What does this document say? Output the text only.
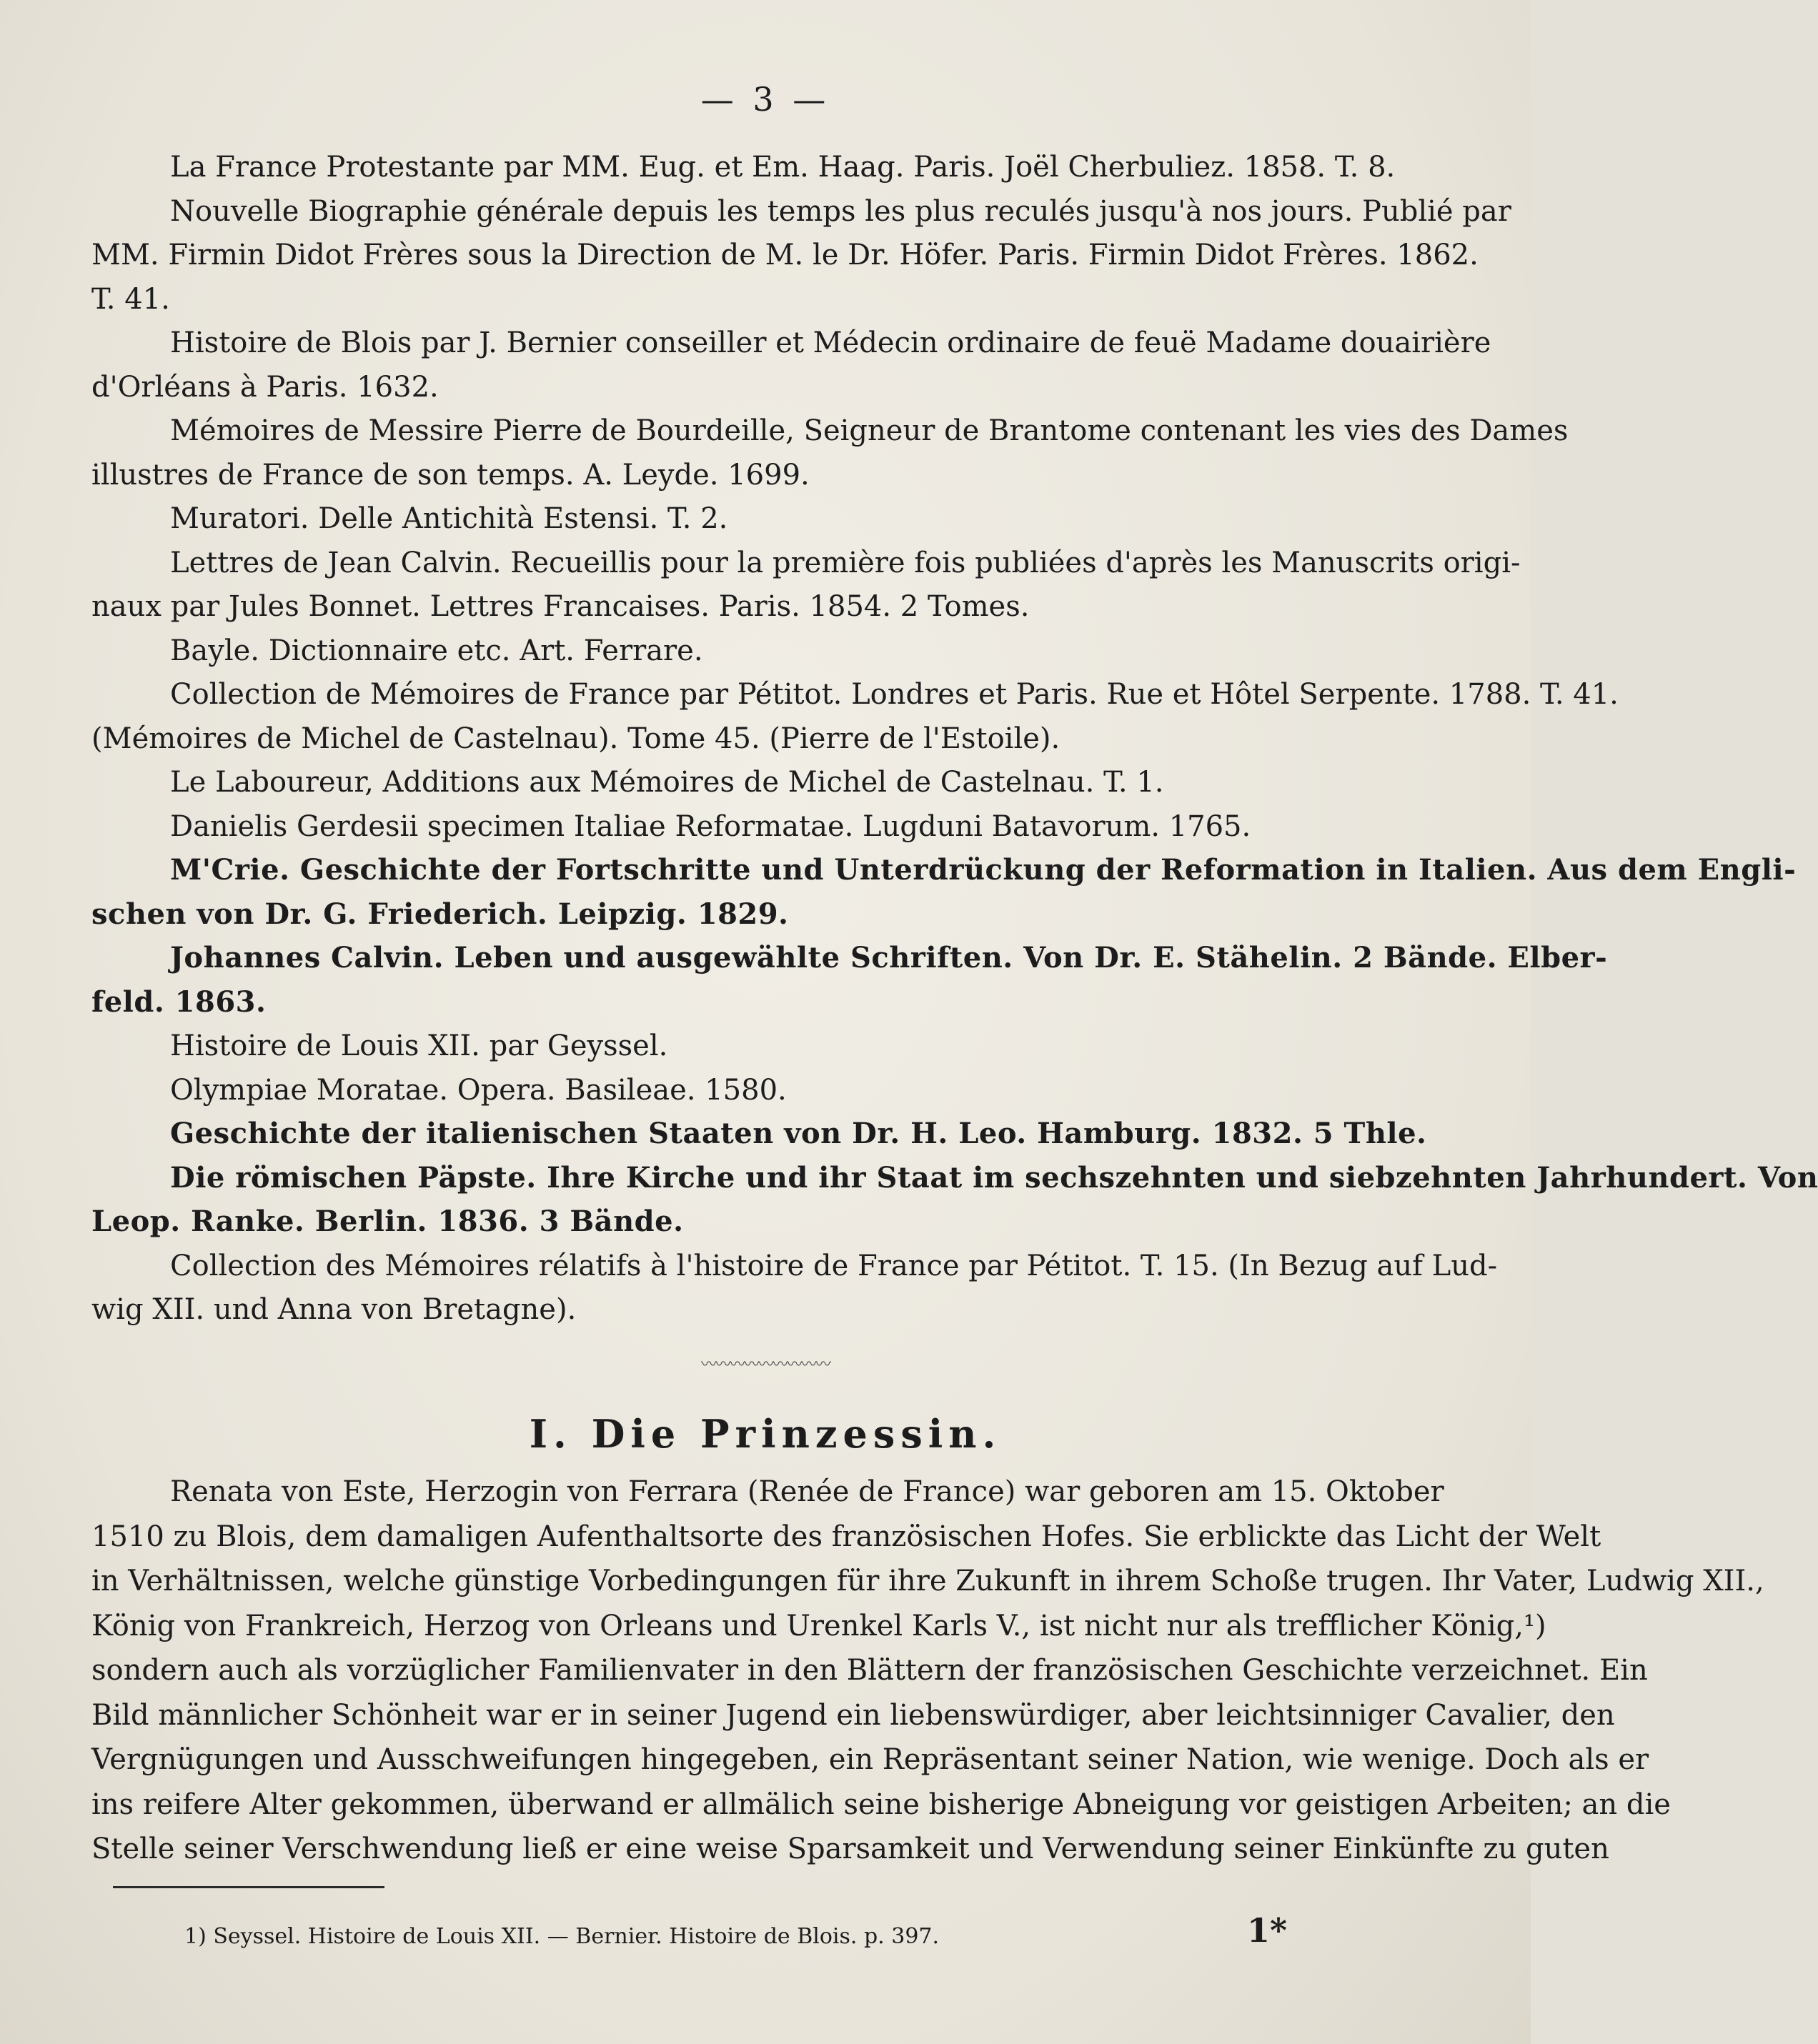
— 3 —
La France Protestante par MM. Eug. et Em. Haag. Paris. Joël Cherbuliez. 1858. T. 8.
Nouvelle Biographie générale depuis les temps les plus reculés jusqu'à nos jours. Publié par
MM. Firmin Didot Frères sous la Direction de M. le Dr. Höfer. Paris. Firmin Didot Frères. 1862.
T. 41.
Histoire de Blois par J. Bernier conseiller et Médecin ordinaire de feuë Madame douairière
d'Orléans à Paris. 1632.
Mémoires de Messire Pierre de Bourdeille, Seigneur de Brantome contenant les vies des Dames
illustres de France de son temps. A. Leyde. 1699.
Muratori. Delle Antichità Estensi. T. 2.
Lettres de Jean Calvin. Recueillis pour la première fois publiées d'après les Manuscrits origi-
naux par Jules Bonnet. Lettres Francaises. Paris. 1854. 2 Tomes.
Bayle. Dictionnaire etc. Art. Ferrare.
Collection de Mémoires de France par Pétitot. Londres et Paris. Rue et Hôtel Serpente. 1788. T. 41.
(Mémoires de Michel de Castelnau). Tome 45. (Pierre de l'Estoile).
Le Laboureur, Additions aux Mémoires de Michel de Castelnau. T. 1.
Danielis Gerdesii specimen Italiae Reformatae. Lugduni Batavorum. 1765.
M'Crie. Geschichte der Fortschritte und Unterdrückung der Reformation in Italien. Aus dem Engli-
schen von Dr. G. Friederich. Leipzig. 1829.
Johannes Calvin. Leben und ausgewählte Schriften. Von Dr. E. Stähelin. 2 Bände. Elber-
feld. 1863.
Histoire de Louis XII. par Geyssel.
Olympiae Moratae. Opera. Basileae. 1580.
Geschichte der italienischen Staaten von Dr. H. Leo. Hamburg. 1832. 5 Thle.
Die römischen Päpste. Ihre Kirche und ihr Staat im sechszehnten und siebzehnten Jahrhundert. Von
Leop. Ranke. Berlin. 1836. 3 Bände.
Collection des Mémoires rélatifs à l'histoire de France par Pétitot. T. 15. (In Bezug auf Lud-
wig XII. und Anna von Bretagne).
〰〰〰〰〰〰〰〰〰
I. Die Prinzessin.
Renata von Este, Herzogin von Ferrara (Renée de France) war geboren am 15. Oktober
1510 zu Blois, dem damaligen Aufenthaltsorte des französischen Hofes. Sie erblickte das Licht der Welt
in Verhältnissen, welche günstige Vorbedingungen für ihre Zukunft in ihrem Schoße trugen. Ihr Vater, Ludwig XII.,
König von Frankreich, Herzog von Orleans und Urenkel Karls V., ist nicht nur als trefflicher König,¹)
sondern auch als vorzüglicher Familienvater in den Blättern der französischen Geschichte verzeichnet. Ein
Bild männlicher Schönheit war er in seiner Jugend ein liebenswürdiger, aber leichtsinniger Cavalier, den
Vergnügungen und Ausschweifungen hingegeben, ein Repräsentant seiner Nation, wie wenige. Doch als er
ins reifere Alter gekommen, überwand er allmälich seine bisherige Abneigung vor geistigen Arbeiten; an die
Stelle seiner Verschwendung ließ er eine weise Sparsamkeit und Verwendung seiner Einkünfte zu guten
1) Seyssel. Histoire de Louis XII. — Bernier. Histoire de Blois. p. 397.	1*
